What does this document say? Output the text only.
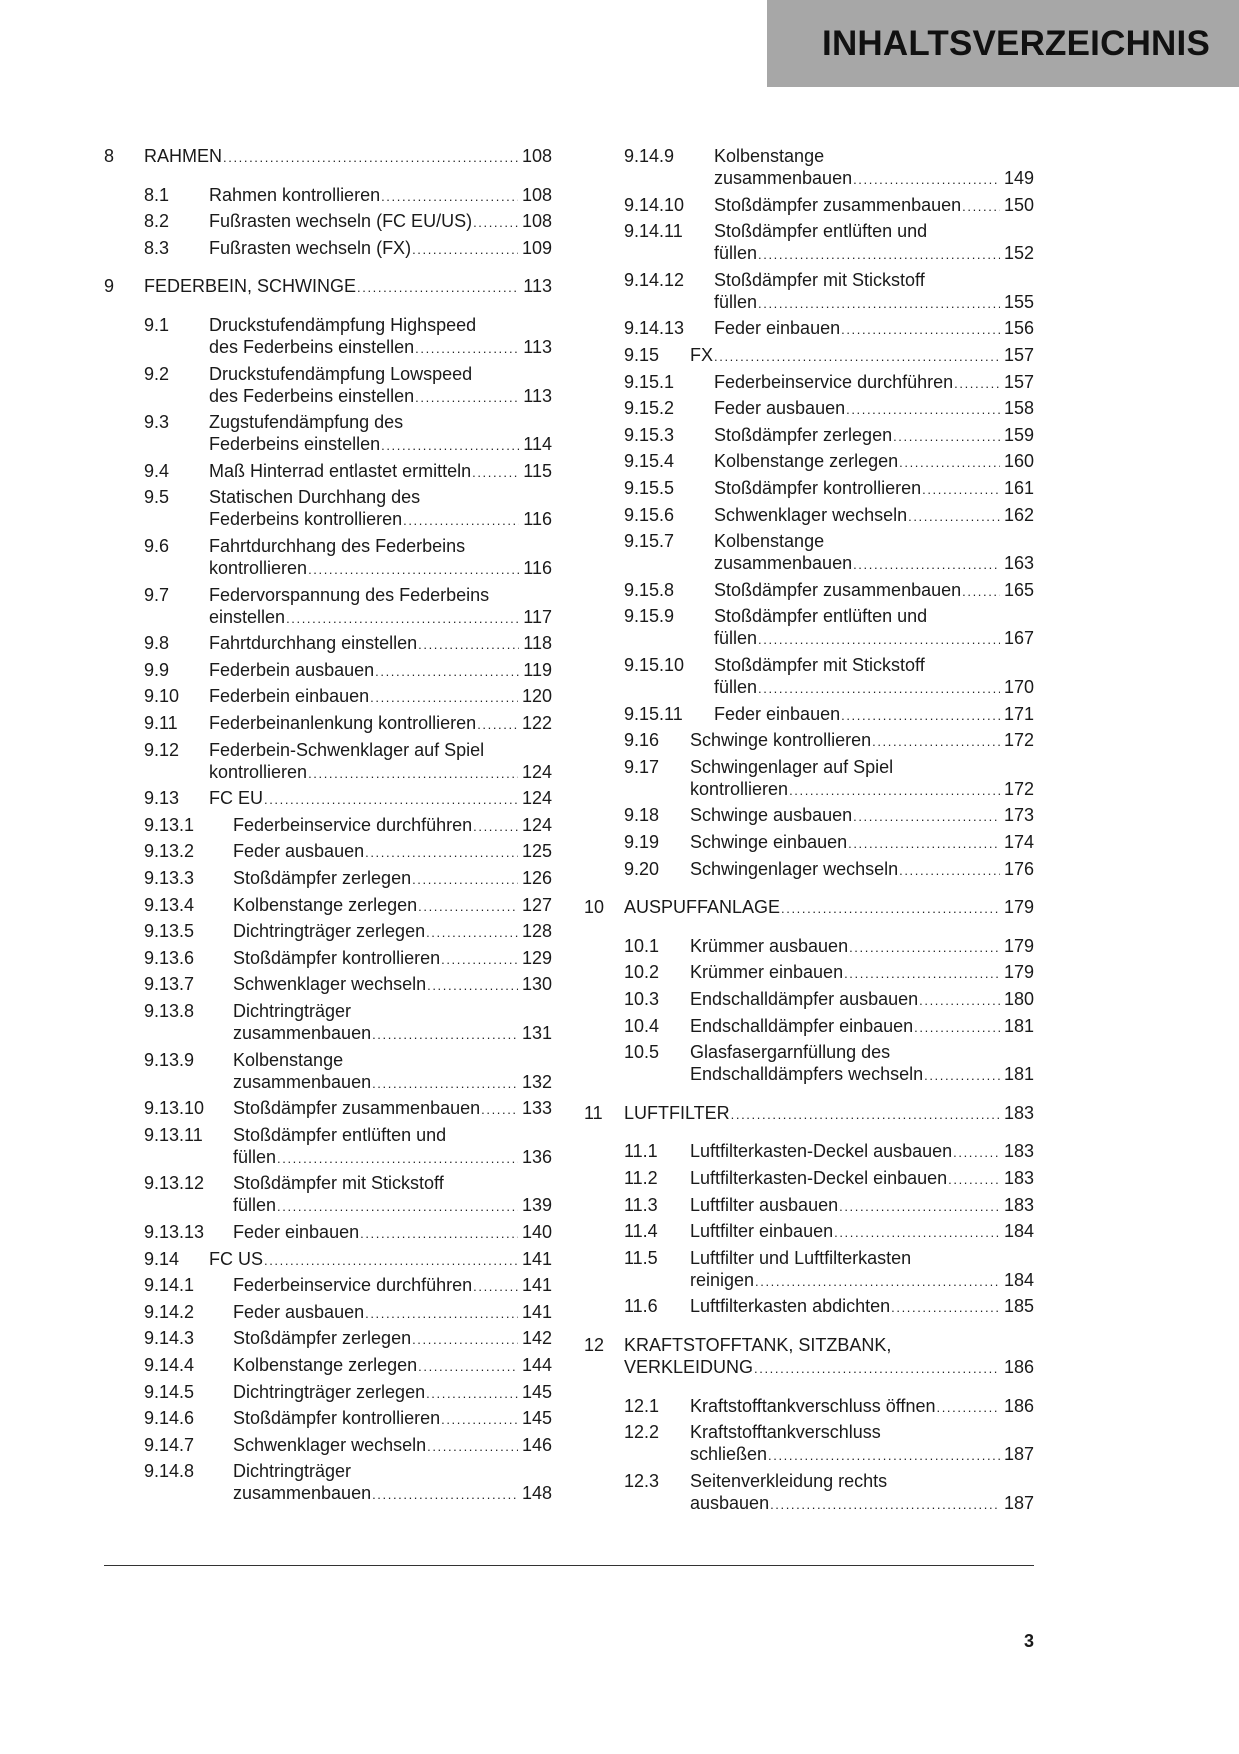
INHALTSVERZEICHNIS
8 RAHMEN .....	108
8.1 Rahmen kontrollieren .....	108
8.2 Fußrasten wechseln (FC EU/US) .....	108
8.3 Fußrasten wechseln (FX) .....	109
9 FEDERBEIN, SCHWINGE .....	113
9.1 Druckstufendämpfung Highspeed
des Federbeins einstellen .....	113
9.2 Druckstufendämpfung Lowspeed
des Federbeins einstellen .....	113
9.3 Zugstufendämpfung des
Federbeins einstellen .....	114
9.4 Maß Hinterrad entlastet ermitteln .....	115
9.5 Statischen Durchhang des
Federbeins kontrollieren .....	116
9.6 Fahrtdurchhang des Federbeins
kontrollieren .....	116
9.7 Federvorspannung des Federbeins
einstellen .....	117
9.8 Fahrtdurchhang einstellen .....	118
9.9 Federbein ausbauen .....	119
9.10 Federbein einbauen .....	120
9.11 Federbeinanlenkung kontrollieren .....	122
9.12 Federbein-Schwenklager auf Spiel
kontrollieren .....	124
9.13 FC EU .....	124
9.13.1 Federbeinservice durchführen .....	124
9.13.2 Feder ausbauen .....	125
9.13.3 Stoßdämpfer zerlegen .....	126
9.13.4 Kolbenstange zerlegen .....	127
9.13.5 Dichtringträger zerlegen .....	128
9.13.6 Stoßdämpfer kontrollieren .....	129
9.13.7 Schwenklager wechseln .....	130
9.13.8 Dichtringträger
zusammenbauen .....	131
9.13.9 Kolbenstange
zusammenbauen .....	132
9.13.10 Stoßdämpfer zusammenbauen ..... 133
9.13.11 Stoßdämpfer entlüften und
füllen .....	136
9.13.12 Stoßdämpfer mit Stickstoff
füllen .....	139
9.13.13 Feder einbauen .....	140
9.14 FC US .....	141
9.14.1 Federbeinservice durchführen .....	141
9.14.2 Feder ausbauen .....	141
9.14.3 Stoßdämpfer zerlegen .....	142
9.14.4 Kolbenstange zerlegen .....	144
9.14.5 Dichtringträger zerlegen .....	145
9.14.6 Stoßdämpfer kontrollieren .....	145
9.14.7 Schwenklager wechseln .....	146
9.14.8 Dichtringträger
zusammenbauen .....	148
9.14.9 Kolbenstange
zusammenbauen .....	149
9.14.10 Stoßdämpfer zusammenbauen ..... 150
9.14.11 Stoßdämpfer entlüften und
füllen .....	152
9.14.12 Stoßdämpfer mit Stickstoff
füllen .....	155
9.14.13 Feder einbauen .....	156
9.15 FX .....	157
9.15.1 Federbeinservice durchführen .....	157
9.15.2 Feder ausbauen .....	158
9.15.3 Stoßdämpfer zerlegen .....	159
9.15.4 Kolbenstange zerlegen .....	160
9.15.5 Stoßdämpfer kontrollieren .....	161
9.15.6 Schwenklager wechseln .....	162
9.15.7 Kolbenstange
zusammenbauen .....	163
9.15.8 Stoßdämpfer zusammenbauen ..... 165
9.15.9 Stoßdämpfer entlüften und
füllen .....	167
9.15.10 Stoßdämpfer mit Stickstoff
füllen .....	170
9.15.11 Feder einbauen .....	171
9.16 Schwinge kontrollieren .....	172
9.17 Schwingenlager auf Spiel
kontrollieren .....	172
9.18 Schwinge ausbauen .....	173
9.19 Schwinge einbauen .....	174
9.20 Schwingenlager wechseln .....	176
10 AUSPUFFANLAGE .....	179
10.1 Krümmer ausbauen .....	179
10.2 Krümmer einbauen .....	179
10.3 Endschalldämpfer ausbauen .....	180
10.4 Endschalldämpfer einbauen .....	181
10.5 Glasfasergarnfüllung des
Endschalldämpfers wechseln .....	181
11 LUFTFILTER .....	183
11.1 Luftfilterkasten-Deckel ausbauen .....	183
11.2 Luftfilterkasten-Deckel einbauen .....	183
11.3 Luftfilter ausbauen .....	183
11.4 Luftfilter einbauen .....	184
11.5 Luftfilter und Luftfilterkasten
reinigen .....	184
11.6 Luftfilterkasten abdichten .....	185
12 KRAFTSTOFFTANK, SITZBANK,
VERKLEIDUNG .....	186
12.1 Kraftstofftankverschluss öffnen .....	186
12.2 Kraftstofftankverschluss
schließen .....	187
12.3 Seitenverkleidung rechts
ausbauen .....	187
3
